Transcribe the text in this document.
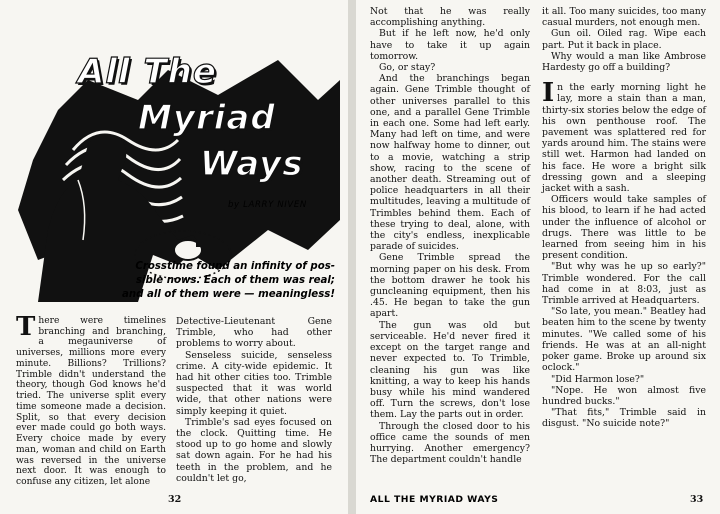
All The
Myriad
Ways
by LARRY NIVEN
Crosstime found an infinity of pos-
sible nows. Each of them was real;
and all of them were — meaningless!

There were timelines branching and branching, a megauniverse of universes, millions more every minute. Billions? Trillions? Trimble didn't understand the theory, though God knows he'd tried. The universe split every time someone made a decision. Split, so that every decision ever made could go both ways. Every choice made by every man, woman and child on Earth was reversed in the universe next door. It was enough to confuse any citizen, let alone

Detective-Lieutenant Gene Trimble, who had other problems to worry about.

Senseless suicide, senseless crime. A city-wide epidemic. It had hit other cities too. Trimble suspected that it was world wide, that other nations were simply keeping it quiet.

Trimble's sad eyes focused on the clock. Quitting time. He stood up to go home and slowly sat down again. For he had his teeth in the problem, and he couldn't let go,

32

Not that he was really accomplishing anything.

But if he left now, he'd only have to take it up again tomorrow.

Go, or stay?

And the branchings began again. Gene Trimble thought of other universes parallel to this one, and a parallel Gene Trimble in each one. Some had left early. Many had left on time, and were now halfway home to dinner, out to a movie, watching a strip show, racing to the scene of another death. Streaming out of police headquarters in all their multitudes, leaving a multitude of Trimbles behind them. Each of these trying to deal, alone, with the city's endless, inexplicable parade of suicides.

Gene Trimble spread the morning paper on his desk. From the bottom drawer he took his guncleaning equipment, then his .45. He began to take the gun apart.

The gun was old but serviceable. He'd never fired it except on the target range and never expected to. To Trimble, cleaning his gun was like knitting, a way to keep his hands busy while his mind wandered off. Turn the screws, don't lose them. Lay the parts out in order.

Through the closed door to his office came the sounds of men hurrying. Another emergency? The department couldn't handle

it all. Too many suicides, too many casual murders, not enough men.

Gun oil. Oiled rag. Wipe each part. Put it back in place.

Why would a man like Ambrose Hardesty go off a building?

In the early morning light he lay, more a stain than a man, thirty-six stories below the edge of his own penthouse roof. The pavement was splattered red for yards around him. The stains were still wet. Harmon had landed on his face. He wore a bright silk dressing gown and a sleeping jacket with a sash.

Officers would take samples of his blood, to learn if he had acted under the influence of alcohol or drugs. There was little to be learned from seeing him in his present condition.

"But why was he up so early?" Trimble wondered. For the call had come in at 8:03, just as Trimble arrived at Headquarters.

"So late, you mean." Beatley had beaten him to the scene by twenty minutes. "We called some of his friends. He was at an all-night poker game. Broke up around six oclock."

"Did Harmon lose?"

"Nope. He won almost five hundred bucks."

"That fits," Trimble said in disgust. "No suicide note?"

ALL THE MYRIAD WAYS	33
